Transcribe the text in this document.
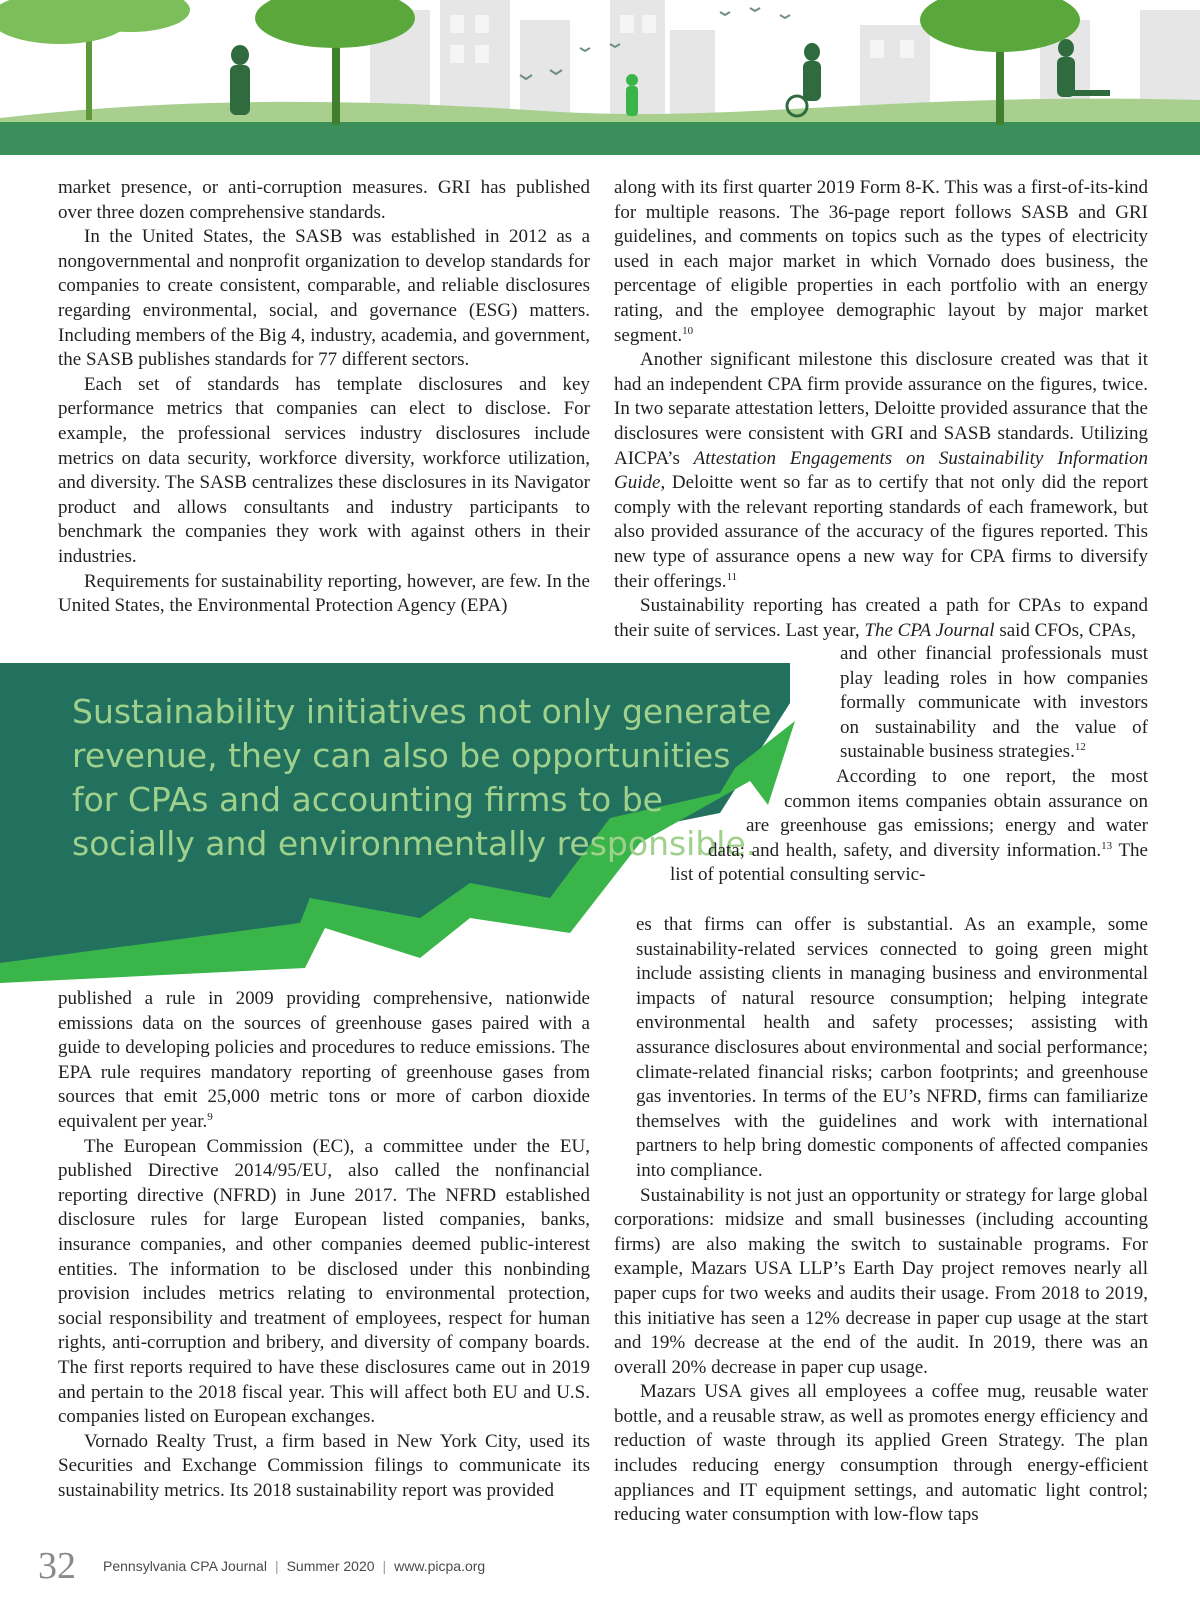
market presence, or anti-corruption measures. GRI has published over three dozen comprehensive standards.

In the United States, the SASB was established in 2012 as a nongovernmental and nonprofit organization to develop standards for companies to create consistent, comparable, and reliable disclosures regarding environmental, social, and governance (ESG) matters. Including members of the Big 4, industry, academia, and government, the SASB publishes standards for 77 different sectors.

Each set of standards has template disclosures and key performance metrics that companies can elect to disclose. For example, the professional services industry disclosures include metrics on data security, workforce diversity, workforce utilization, and diversity. The SASB centralizes these disclosures in its Navigator product and allows consultants and industry participants to benchmark the companies they work with against others in their industries.

Requirements for sustainability reporting, however, are few. In the United States, the Environmental Protection Agency (EPA)

Sustainability initiatives not only generate revenue, they can also be opportunities for CPAs and accounting firms to be socially and environmentally responsible.

published a rule in 2009 providing comprehensive, nationwide emissions data on the sources of greenhouse gases paired with a guide to developing policies and procedures to reduce emissions. The EPA rule requires mandatory reporting of greenhouse gases from sources that emit 25,000 metric tons or more of carbon dioxide equivalent per year.$^9$

The European Commission (EC), a committee under the EU, published Directive 2014/95/EU, also called the nonfinancial reporting directive (NFRD) in June 2017. The NFRD established disclosure rules for large European listed companies, banks, insurance companies, and other companies deemed public-interest entities. The information to be disclosed under this nonbinding provision includes metrics relating to environmental protection, social responsibility and treatment of employees, respect for human rights, anti-corruption and bribery, and diversity of company boards. The first reports required to have these disclosures came out in 2019 and pertain to the 2018 fiscal year. This will affect both EU and U.S. companies listed on European exchanges.

Vornado Realty Trust, a firm based in New York City, used its Securities and Exchange Commission filings to communicate its sustainability metrics. Its 2018 sustainability report was provided

along with its first quarter 2019 Form 8-K. This was a first-of-its-kind for multiple reasons. The 36-page report follows SASB and GRI guidelines, and comments on topics such as the types of electricity used in each major market in which Vornado does business, the percentage of eligible properties in each portfolio with an energy rating, and the employee demographic layout by major market segment.$^{10}$

Another significant milestone this disclosure created was that it had an independent CPA firm provide assurance on the figures, twice. In two separate attestation letters, Deloitte provided assurance that the disclosures were consistent with GRI and SASB standards. Utilizing AICPA’s Attestation Engagements on Sustainability Information Guide, Deloitte went so far as to certify that not only did the report comply with the relevant reporting standards of each framework, but also provided assurance of the accuracy of the figures reported. This new type of assurance opens a new way for CPA firms to diversify their offerings.$^{11}$

Sustainability reporting has created a path for CPAs to expand their suite of services. Last year, The CPA Journal said CFOs, CPAs,

and other financial professionals must play leading roles in how companies formally communicate with investors on sustainability and the value of sustainable business strategies.$^{12}$
According to one report, the most common items companies obtain assurance on are greenhouse gas emissions; energy and water data; and health, safety, and diversity information.$^{13}$ The list of potential consulting servic-

es that firms can offer is substantial. As an example, some sustainability-related services connected to going green might include assisting clients in managing business and environmental impacts of natural resource consumption; helping integrate environmental health and safety processes; assisting with assurance disclosures about environmental and social performance; climate-related financial risks; carbon footprints; and greenhouse gas inventories. In terms of the EU’s NFRD, firms can familiarize themselves with the guidelines and work with international partners to help bring domestic components of affected companies into compliance.

Sustainability is not just an opportunity or strategy for large global corporations: midsize and small businesses (including accounting firms) are also making the switch to sustainable programs. For example, Mazars USA LLP’s Earth Day project removes nearly all paper cups for two weeks and audits their usage. From 2018 to 2019, this initiative has seen a 12% decrease in paper cup usage at the start and 19% decrease at the end of the audit. In 2019, there was an overall 20% decrease in paper cup usage.

Mazars USA gives all employees a coffee mug, reusable water bottle, and a reusable straw, as well as promotes energy efficiency and reduction of waste through its applied Green Strategy. The plan includes reducing energy consumption through energy-efficient appliances and IT equipment settings, and automatic light control; reducing water consumption with low-flow taps

32 Pennsylvania CPA Journal | Summer 2020 | www.picpa.org
